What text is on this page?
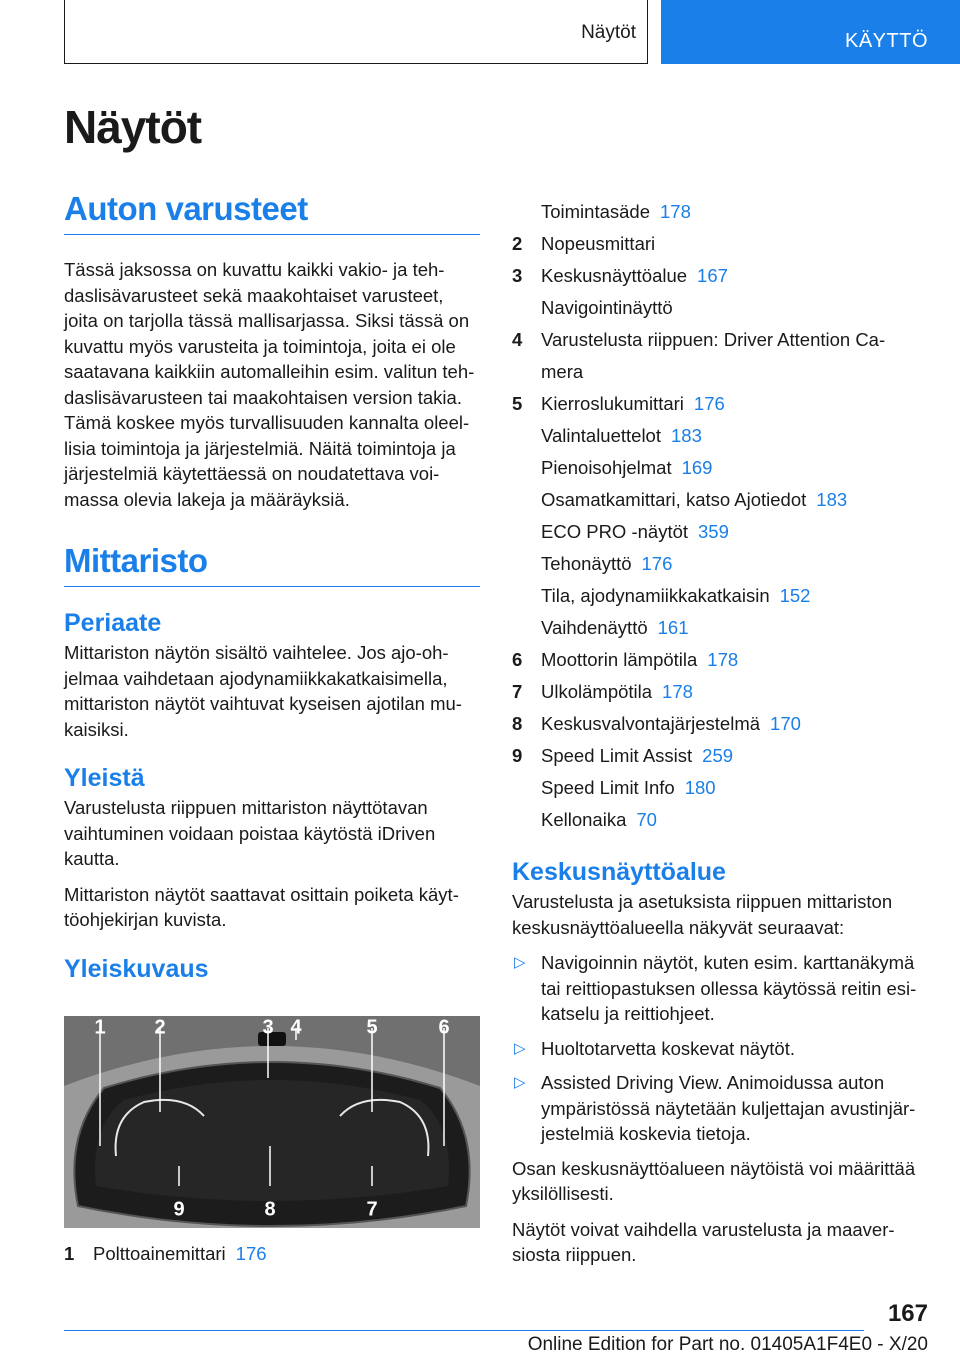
Näytöt	KÄYTTÖ
Näytöt
Auton varusteet
Tässä jaksossa on kuvattu kaikki vakio- ja teh-
daslisävarusteet sekä maakohtaiset varusteet,
joita on tarjolla tässä mallisarjassa. Siksi tässä on
kuvattu myös varusteita ja toimintoja, joita ei ole
saatavana kaikkiin automalleihin esim. valitun teh-
daslisävarusteen tai maakohtaisen version takia.
Tämä koskee myös turvallisuuden kannalta oleel-
lisia toimintoja ja järjestelmiä. Näitä toimintoja ja
järjestelmiä käytettäessä on noudatettava voi-
massa olevia lakeja ja määräyksiä.
Mittaristo
Periaate
Mittariston näytön sisältö vaihtelee. Jos ajo-oh-
jelmaa vaihdetaan ajodynamiikkakatkaisimella,
mittariston näytöt vaihtuvat kyseisen ajotilan mu-
kaisiksi.
Yleistä
Varustelusta riippuen mittariston näyttötavan
vaihtuminen voidaan poistaa käytöstä iDriven
kautta.
Mittariston näytöt saattavat osittain poiketa käyt-
töohjekirjan kuvista.
Yleiskuvaus
1 2	3 4	5	6
9	8	7
1 Polttoainemittari 176
Toimintasäde 178
2 Nopeusmittari
3 Keskusnäyttöalue 167
Navigointinäyttö
4 Varustelusta riippuen: Driver Attention Ca-
mera
5 Kierroslukumittari 176
Valintaluettelot 183
Pienoisohjelmat 169
Osamatkamittari, katso Ajotiedot 183
ECO PRO -näytöt 359
Tehonäyttö 176
Tila, ajodynamiikkakatkaisin 152
Vaihdenäyttö 161
6 Moottorin lämpötila 178
7 Ulkolämpötila 178
8 Keskusvalvontajärjestelmä 170
9 Speed Limit Assist 259
Speed Limit Info 180
Kellonaika 70
Keskusnäyttöalue
Varustelusta ja asetuksista riippuen mittariston
keskusnäyttöalueella näkyvät seuraavat:
▷ Navigoinnin näytöt, kuten esim. karttanäkymä
tai reittiopastuksen ollessa käytössä reitin esi-
katselu ja reittiohjeet.
▷ Huoltotarvetta koskevat näytöt.
▷ Assisted Driving View. Animoidussa auton
ympäristössä näytetään kuljettajan avustinjär-
jestelmiä koskevia tietoja.
Osan keskusnäyttöalueen näytöistä voi määrittää
yksilöllisesti.
Näytöt voivat vaihdella varustelusta ja maaver-
siosta riippuen.
167
Online Edition for Part no. 01405A1F4E0 - X/20
